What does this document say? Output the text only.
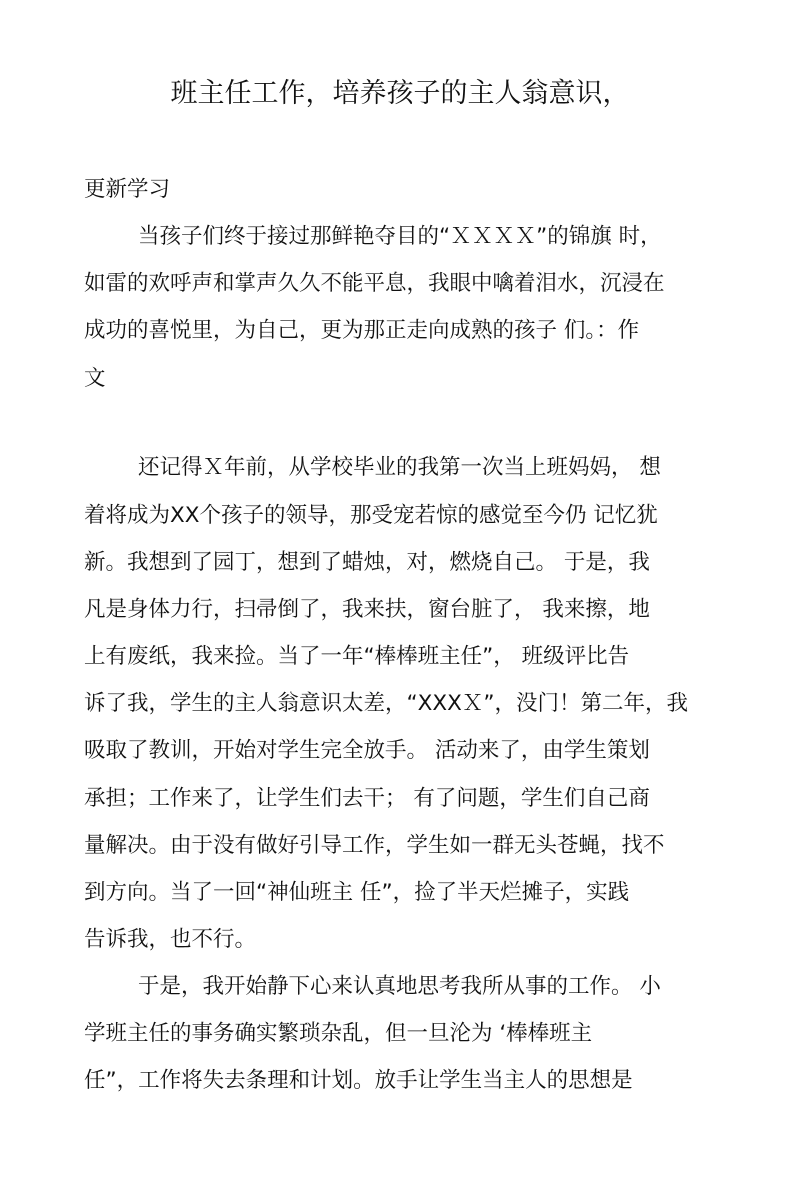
班主任工作，培养孩子的主人翁意识，

更新学习

当孩子们终于接过那鲜艳夺目的“ＸＸＸＸ”的锦旗 时，

如雷的欢呼声和掌声久久不能平息，我眼中噙着泪水，沉浸在

成功的喜悦里，为自己，更为那正走向成熟的孩子 们。：作

文

还记得Ｘ年前，从学校毕业的我第一次当上班妈妈， 想

着将成为XX个孩子的领导，那受宠若惊的感觉至今仍 记忆犹

新。我想到了园丁，想到了蜡烛，对，燃烧自己。 于是，我

凡是身体力行，扫帚倒了，我来扶，窗台脏了， 我来擦，地

上有废纸，我来捡。当了一年“棒棒班主任”， 班级评比告

诉了我，学生的主人翁意识太差，“XXXＸ”，没门！第二年，我

吸取了教训，开始对学生完全放手。 活动来了，由学生策划

承担；工作来了，让学生们去干； 有了问题，学生们自己商

量解决。由于没有做好引导工作，学生如一群无头苍蝇，找不

到方向。当了一回“神仙班主 任”，捡了半天烂摊子，实践

告诉我，也不行。

于是，我开始静下心来认真地思考我所从事的工作。 小

学班主任的事务确实繁琐杂乱，但一旦沦为 ‘棒棒班主

任”，工作将失去条理和计划。放手让学生当主人的思想是
